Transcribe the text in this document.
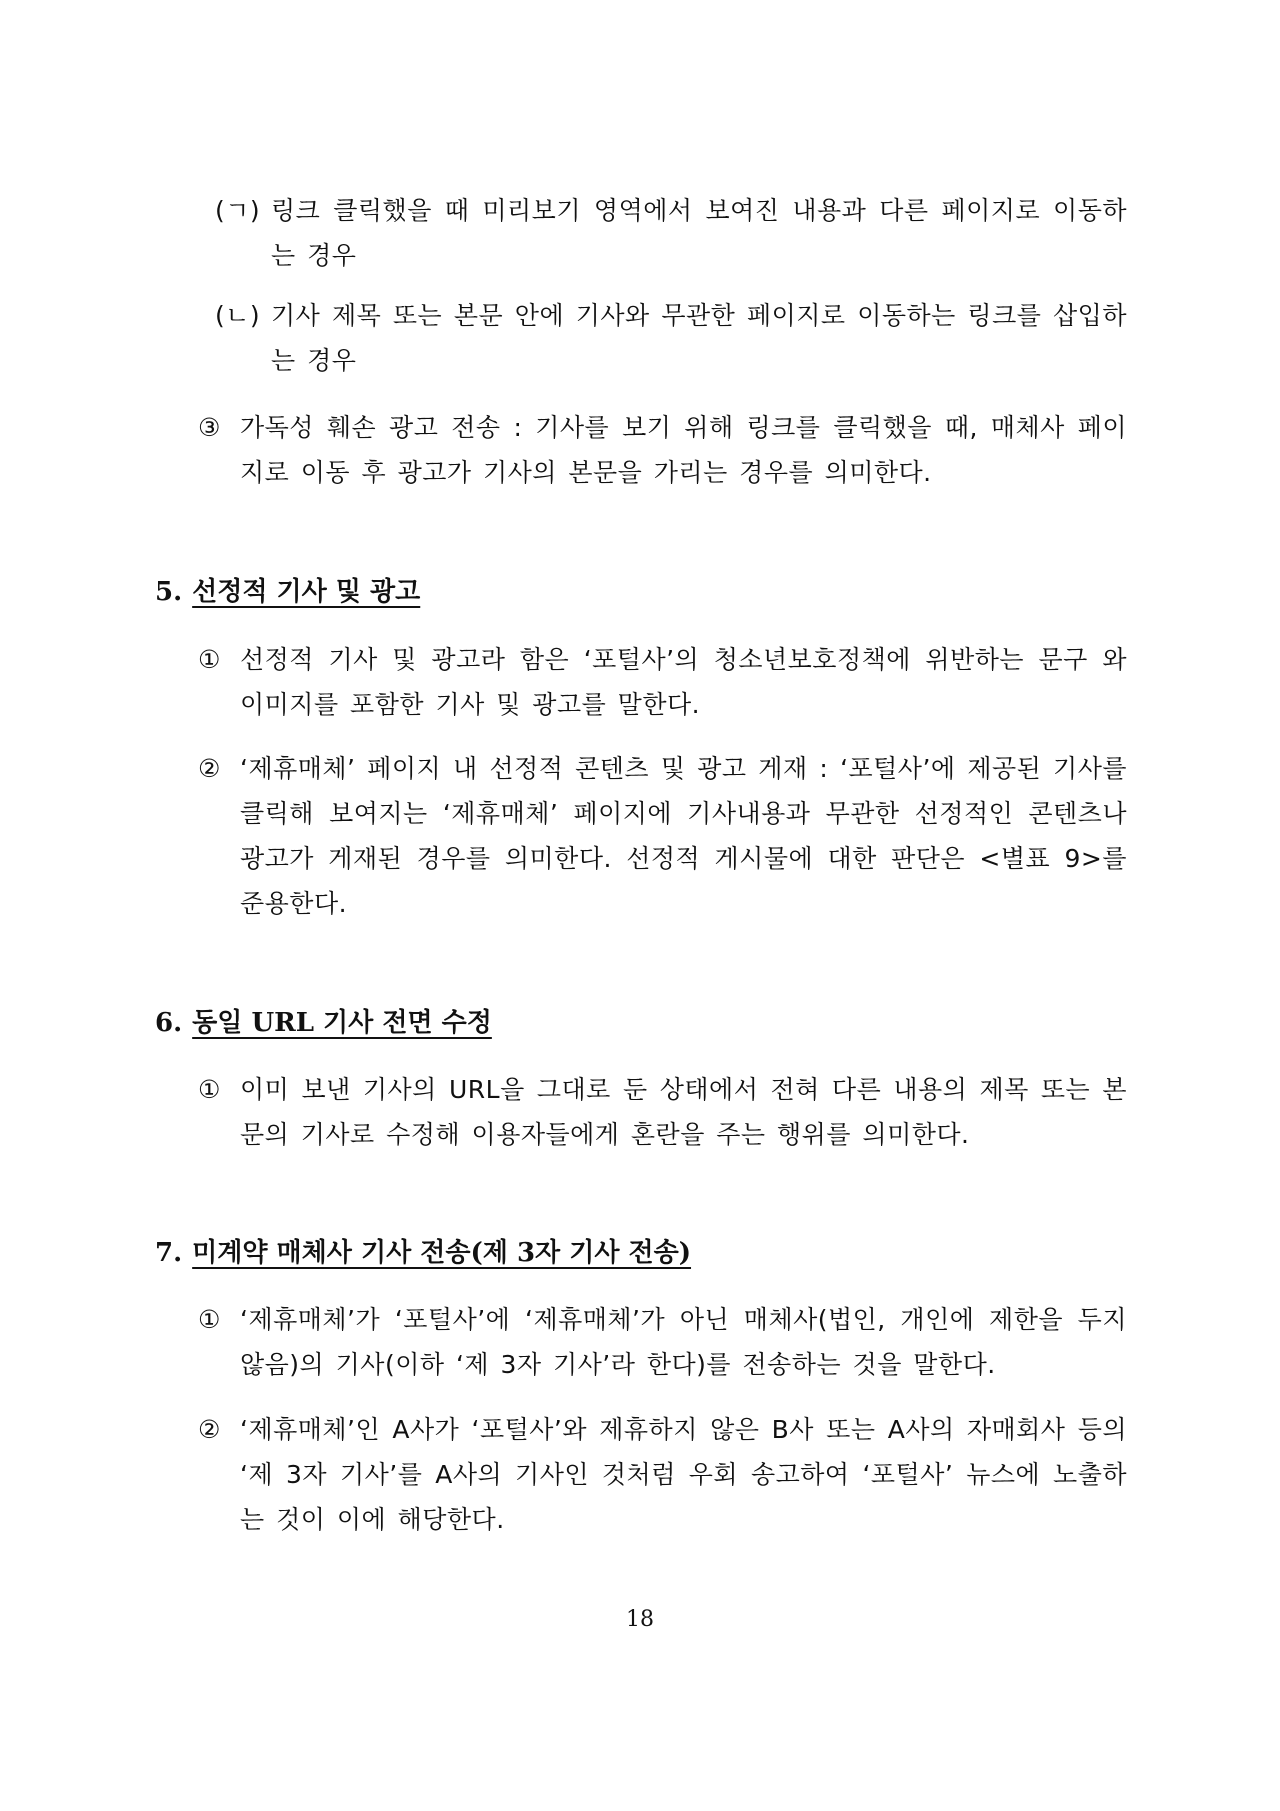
(ㄱ) 링크 클릭했을 때 미리보기 영역에서 보여진 내용과 다른 페이지로 이동하는 경우
(ㄴ) 기사 제목 또는 본문 안에 기사와 무관한 페이지로 이동하는 링크를 삽입하는 경우
③ 가독성 훼손 광고 전송 : 기사를 보기 위해 링크를 클릭했을 때, 매체사 페이지로 이동 후 광고가 기사의 본문을 가리는 경우를 의미한다.
5. 선정적 기사 및 광고
① 선정적 기사 및 광고라 함은 ‘포털사’의 청소년보호정책에 위반하는 문구 와 이미지를 포함한 기사 및 광고를 말한다.
② ‘제휴매체’ 페이지 내 선정적 콘텐츠 및 광고 게재 : ‘포털사’에 제공된 기사를 클릭해 보여지는 ‘제휴매체’ 페이지에 기사내용과 무관한 선정적인 콘텐츠나 광고가 게재된 경우를 의미한다. 선정적 게시물에 대한 판단은 <별표 9>를 준용한다.
6. 동일 URL 기사 전면 수정
① 이미 보낸 기사의 URL을 그대로 둔 상태에서 전혀 다른 내용의 제목 또는 본문의 기사로 수정해 이용자들에게 혼란을 주는 행위를 의미한다.
7. 미계약 매체사 기사 전송(제 3자 기사 전송)
① ‘제휴매체’가 ‘포털사’에 ‘제휴매체’가 아닌 매체사(법인, 개인에 제한을 두지 않음)의 기사(이하 ‘제 3자 기사’라 한다)를 전송하는 것을 말한다.
② ‘제휴매체’인 A사가 ‘포털사’와 제휴하지 않은 B사 또는 A사의 자매회사 등의 ‘제 3자 기사’를 A사의 기사인 것처럼 우회 송고하여 ‘포털사’ 뉴스에 노출하는 것이 이에 해당한다.
18
